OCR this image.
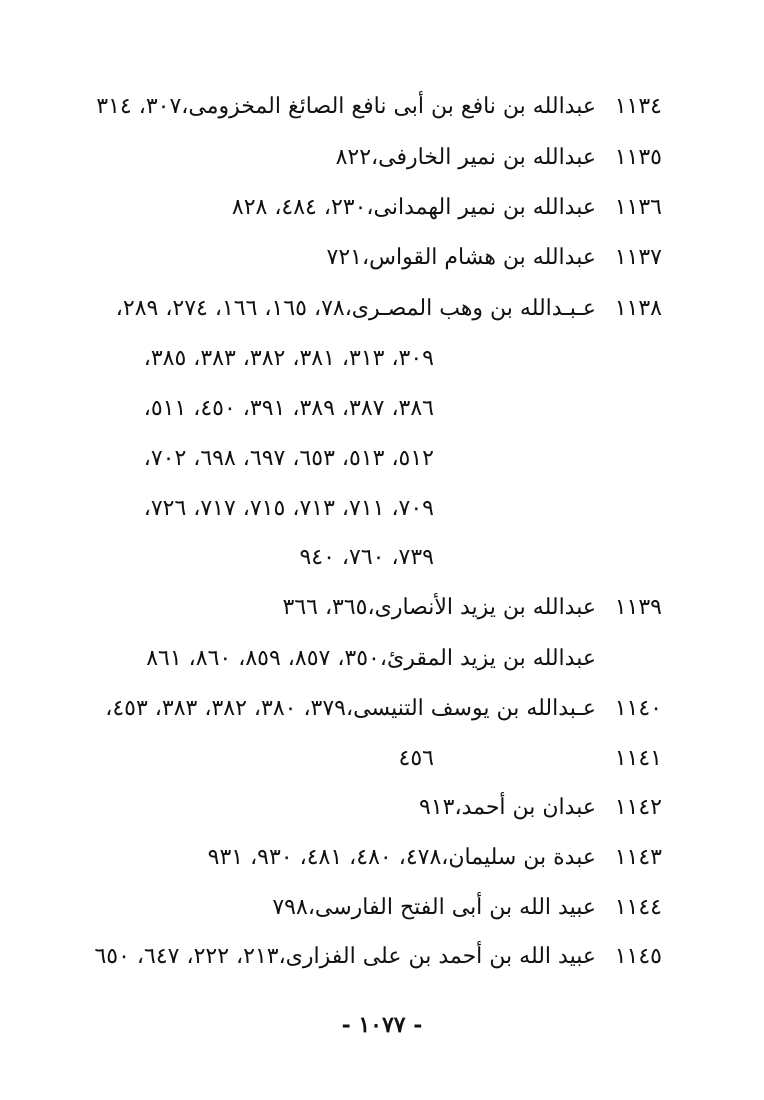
١١٣٤
عبدالله بن نافع بن أبى نافع الصائغ المخزومى،٣٠٧، ٣١٤
١١٣٥
عبدالله بن نمير الخارفى،٨٢٢
١١٣٦
عبدالله بن نمير الهمدانى،٢٣٠، ٤٨٤، ٨٢٨
١١٣٧
عبدالله بن هشام القواس،٧٢١
١١٣٨
عـبـدالله بن وهب المصـرى،٧٨، ١٦٥، ١٦٦، ٢٧٤، ٢٨٩،
٣٠٩، ٣١٣، ٣٨١، ٣٨٢، ٣٨٣، ٣٨٥،
٣٨٦، ٣٨٧، ٣٨٩، ٣٩١، ٤٥٠، ٥١١،
٥١٢، ٥١٣، ٦٥٣، ٦٩٧، ٦٩٨، ٧٠٢،
٧٠٩، ٧١١، ٧١٣، ٧١٥، ٧١٧، ٧٢٦،
٧٣٩، ٧٦٠، ٩٤٠
١١٣٩
عبدالله بن يزيد الأنصارى،٣٦٥، ٣٦٦
عبدالله بن يزيد المقرئ،٣٥٠، ٨٥٧، ٨٥٩، ٨٦٠، ٨٦١
١١٤٠
عـبدالله بن يوسف التنيسى،٣٧٩، ٣٨٠، ٣٨٢، ٣٨٣، ٤٥٣،
١١٤١
٤٥٦
١١٤٢
عبدان بن أحمد،٩١٣
١١٤٣
عبدة بن سليمان،٤٧٨، ٤٨٠، ٤٨١، ٩٣٠، ٩٣١
١١٤٤
عبيد الله بن أبى الفتح الفارسى،٧٩٨
١١٤٥
عبيد الله بن أحمد بن على الفزارى،٢١٣، ٢٢٢، ٦٤٧، ٦٥٠
- ١٠٧٧ -
